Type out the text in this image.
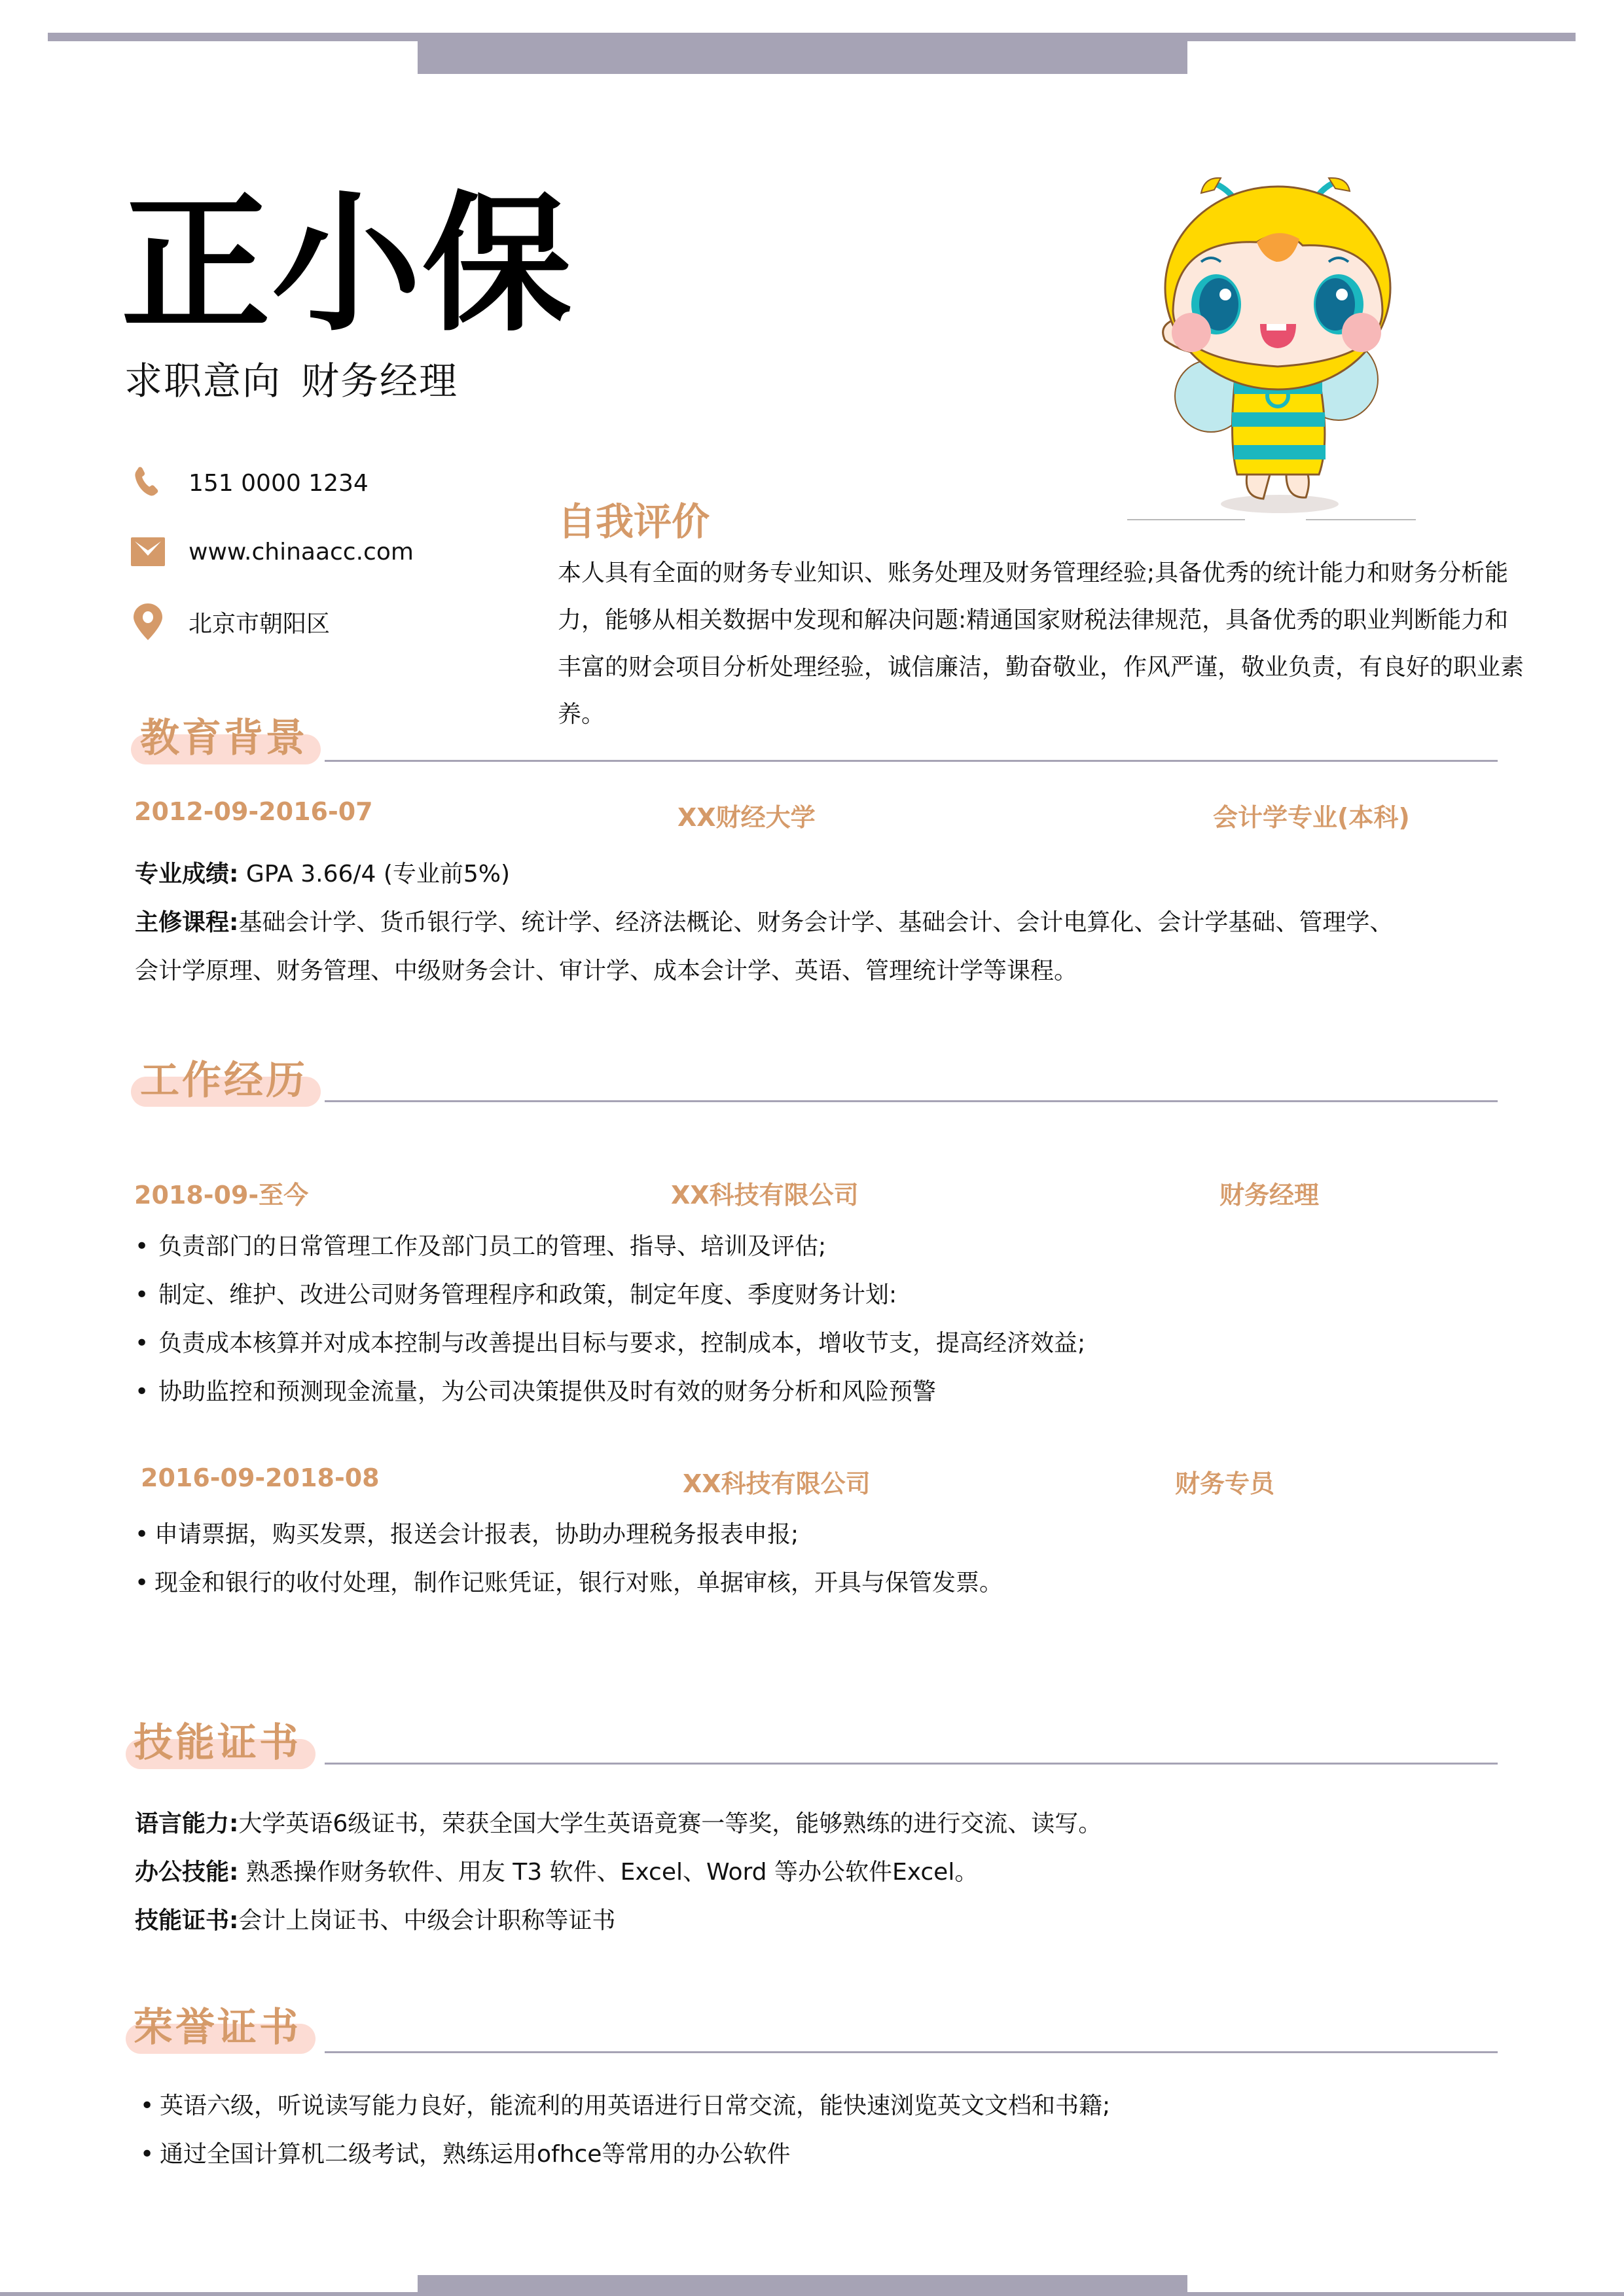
正小保
求职意向 财务经理
151 0000 1234
www.chinaacc.com
北京市朝阳区
自我评价
本人具有全面的财务专业知识、账务处理及财务管理经验;具备优秀的统计能力和财务分析能力，能够从相关数据中发现和解决问题:精通国家财税法律规范，具备优秀的职业判断能力和丰富的财会项目分析处理经验，诚信廉洁，勤奋敬业，作风严谨，敬业负责，有良好的职业素养。
教育背景
2012-09-2016-07	XX财经大学	会计学专业(本科)
专业成绩: GPA 3.66/4 (专业前5%)
主修课程:基础会计学、货币银行学、统计学、经济法概论、财务会计学、基础会计、会计电算化、会计学基础、管理学、
会计学原理、财务管理、中级财务会计、审计学、成本会计学、英语、管理统计学等课程。
工作经历
2018-09-至今	XX科技有限公司	财务经理
• 负责部门的日常管理工作及部门员工的管理、指导、培训及评估;
• 制定、维护、改进公司财务管理程序和政策，制定年度、季度财务计划:
• 负责成本核算并对成本控制与改善提出目标与要求，控制成本，增收节支，提高经济效益;
• 协助监控和预测现金流量，为公司决策提供及时有效的财务分析和风险预警
2016-09-2018-08	XX科技有限公司	财务专员
• 申请票据，购买发票，报送会计报表，协助办理税务报表申报;
• 现金和银行的收付处理，制作记账凭证，银行对账，单据审核，开具与保管发票。
技能证书
语言能力:大学英语6级证书，荣获全国大学生英语竟赛一等奖，能够熟练的进行交流、读写。
办公技能: 熟悉操作财务软件、用友 T3 软件、Excel、Word 等办公软件Excel。
技能证书:会计上岗证书、中级会计职称等证书
荣誉证书
• 英语六级，听说读写能力良好，能流利的用英语进行日常交流，能快速浏览英文文档和书籍;
• 通过全国计算机二级考试，熟练运用ofhce等常用的办公软件
